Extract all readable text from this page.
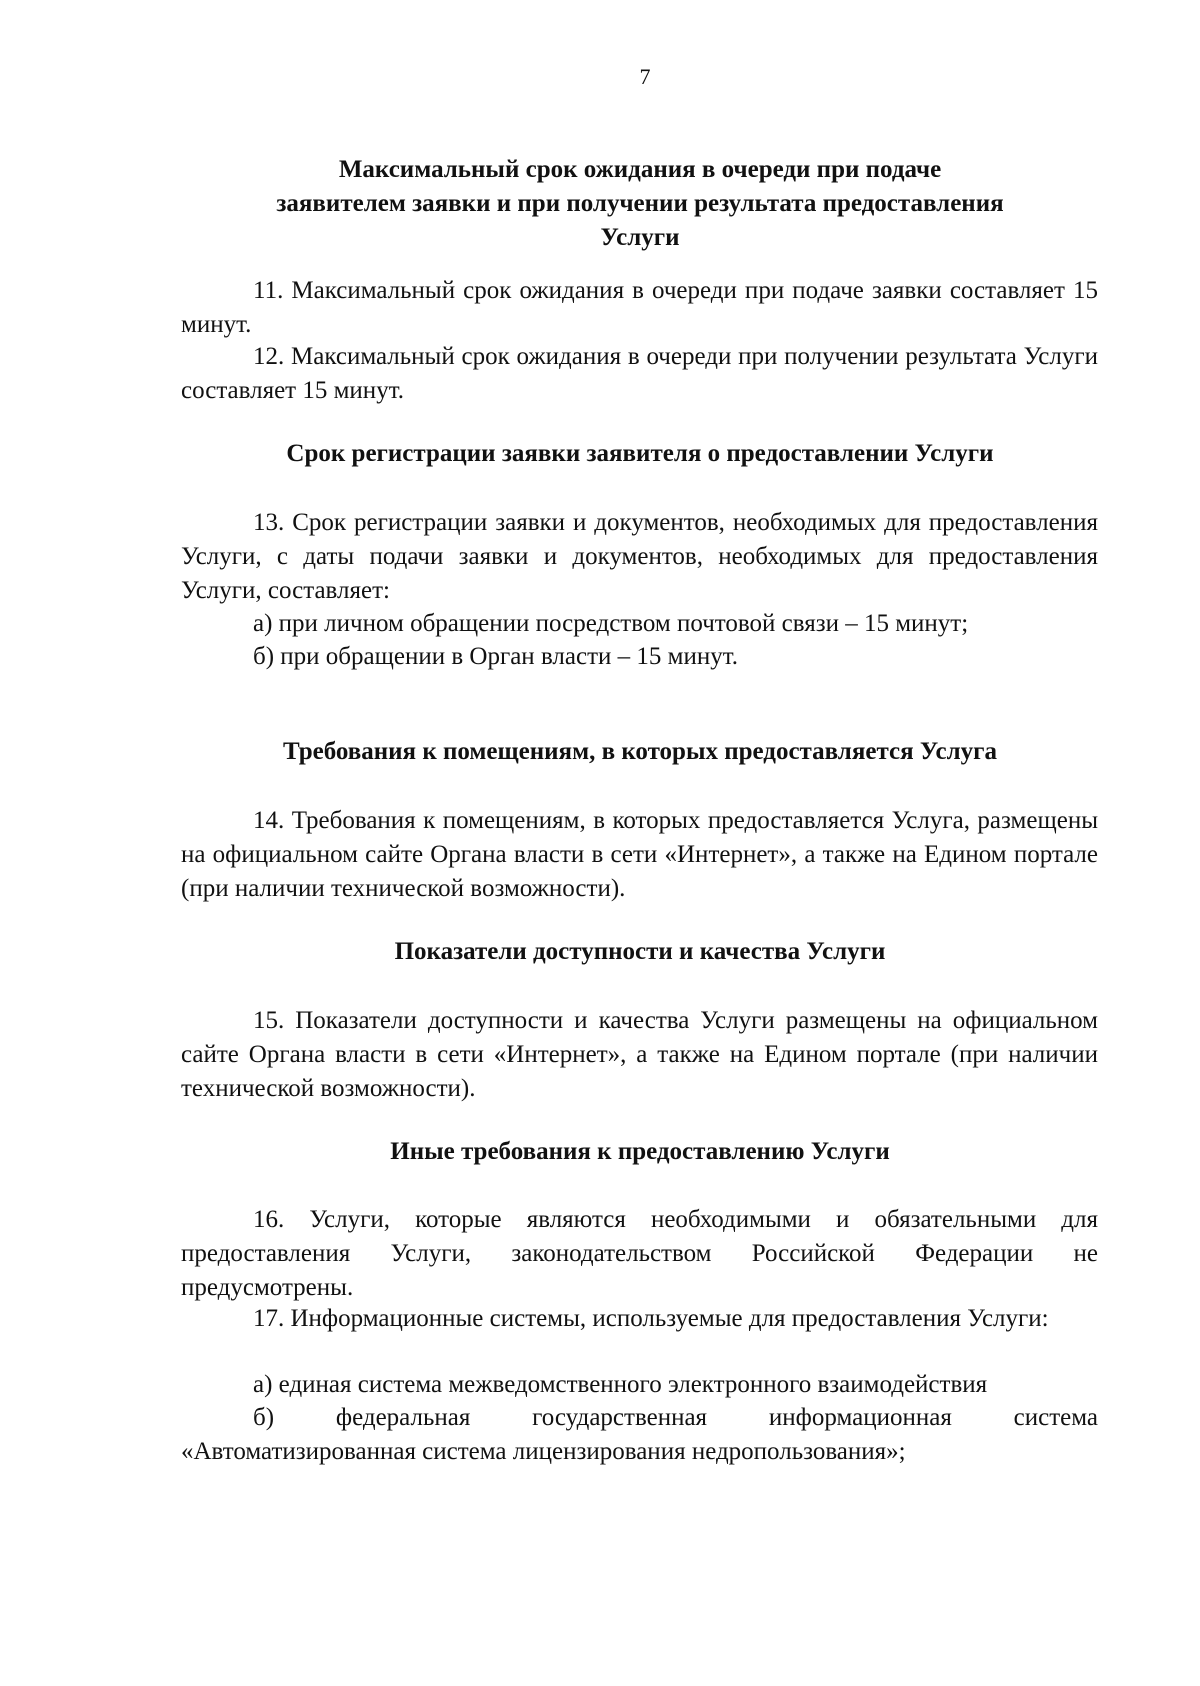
7
Максимальный срок ожидания в очереди при подаче
заявителем заявки и при получении результата предоставления
Услуги

11. Максимальный срок ожидания в очереди при подаче заявки составляет 15 минут.

12. Максимальный срок ожидания в очереди при получении результата Услуги составляет 15 минут.

Срок регистрации заявки заявителя о предоставлении Услуги

13. Срок регистрации заявки и документов, необходимых для предоставления Услуги, с даты подачи заявки и документов, необходимых для предоставления Услуги, составляет:

а) при личном обращении посредством почтовой связи – 15 минут;
б) при обращении в Орган власти – 15 минут.
Требования к помещениям, в которых предоставляется Услуга

14. Требования к помещениям, в которых предоставляется Услуга, размещены на официальном сайте Органа власти в сети «Интернет», а также на Едином портале (при наличии технической возможности).

Показатели доступности и качества Услуги

15. Показатели доступности и качества Услуги размещены на официальном сайте Органа власти в сети «Интернет», а также на Едином портале (при наличии технической возможности).

Иные требования к предоставлению Услуги

16. Услуги, которые являются необходимыми и обязательными для предоставления Услуги, законодательством Российской Федерации не предусмотрены.

17. Информационные системы, используемые для предоставления Услуги:

а) единая система межведомственного электронного взаимодействия

б) федеральная государственная информационная система «Автоматизированная система лицензирования недропользования»;
